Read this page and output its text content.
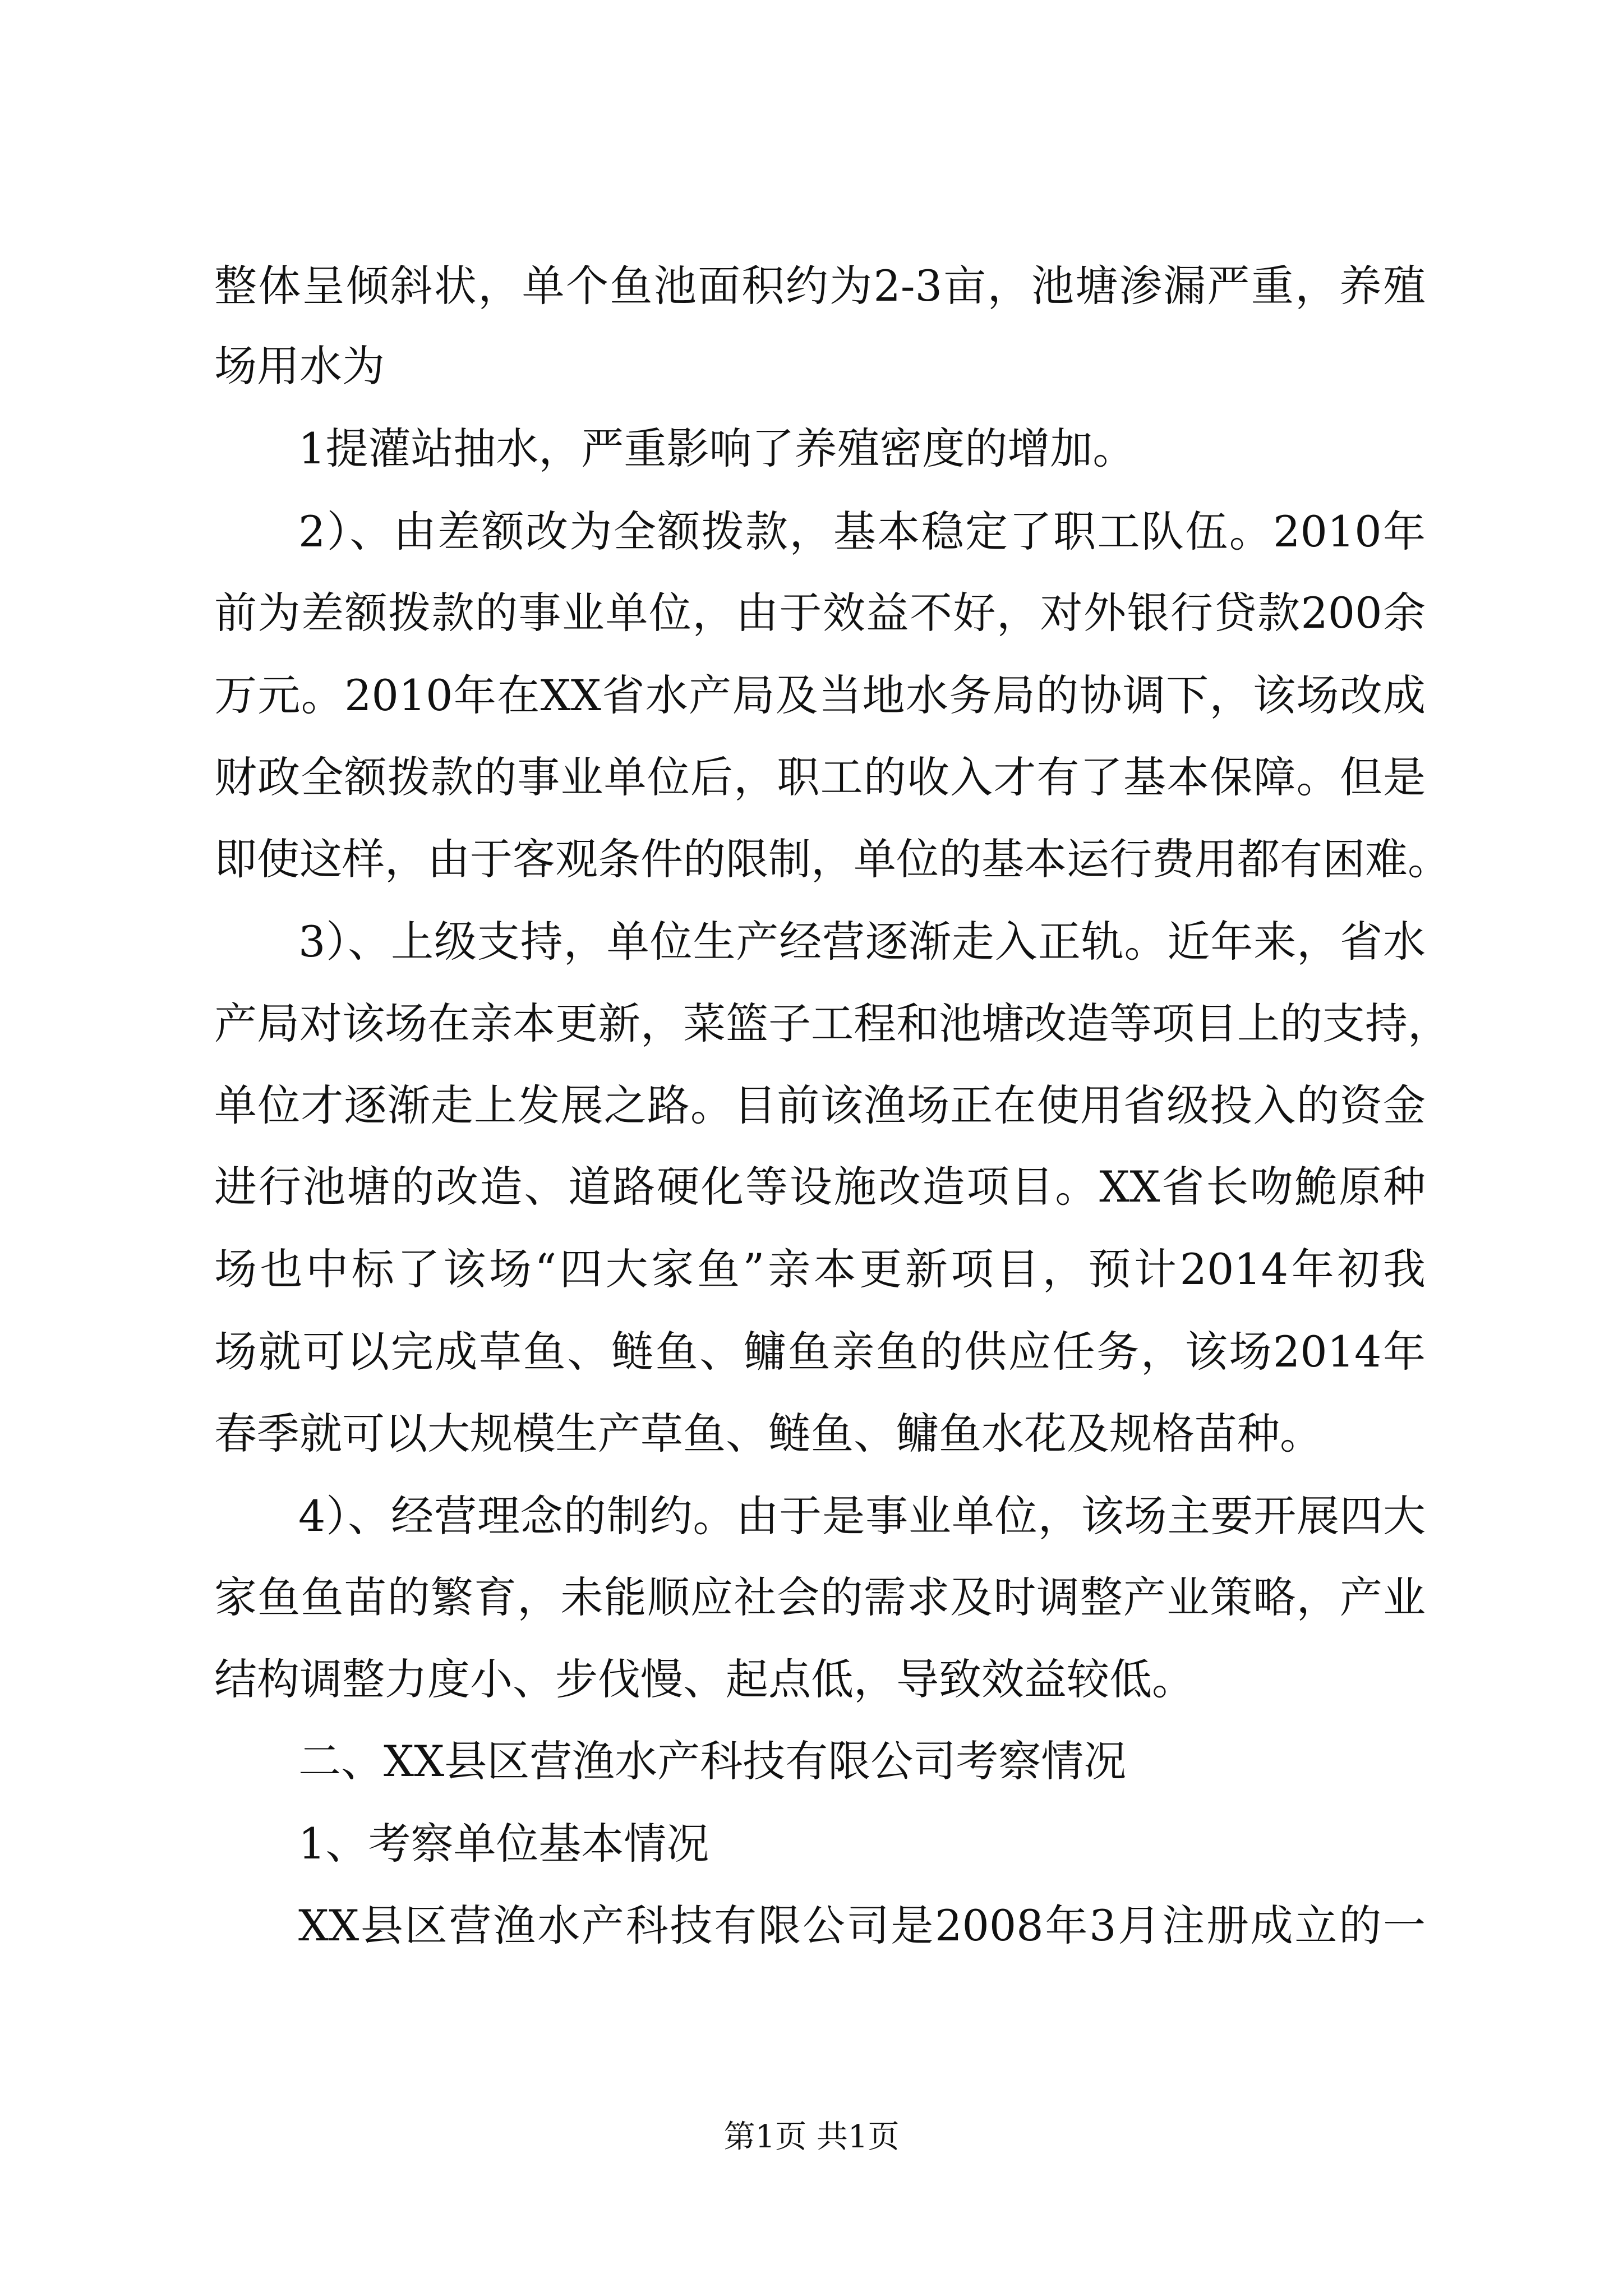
整体呈倾斜状，单个鱼池面积约为2-3亩，池塘渗漏严重，养殖
场用水为
1提灌站抽水，严重影响了养殖密度的增加。
2）、由差额改为全额拨款，基本稳定了职工队伍。2010年
前为差额拨款的事业单位，由于效益不好，对外银行贷款200余
万元。2010年在XX省水产局及当地水务局的协调下，该场改成
财政全额拨款的事业单位后，职工的收入才有了基本保障。但是
即使这样，由于客观条件的限制，单位的基本运行费用都有困难。
3）、上级支持，单位生产经营逐渐走入正轨。近年来，省水
产局对该场在亲本更新，菜篮子工程和池塘改造等项目上的支持，
单位才逐渐走上发展之路。目前该渔场正在使用省级投入的资金
进行池塘的改造、道路硬化等设施改造项目。XX省长吻鮠原种
场也中标了该场“四大家鱼”亲本更新项目，预计2014年初我
场就可以完成草鱼、鲢鱼、鳙鱼亲鱼的供应任务，该场2014年
春季就可以大规模生产草鱼、鲢鱼、鳙鱼水花及规格苗种。
4）、经营理念的制约。由于是事业单位，该场主要开展四大
家鱼鱼苗的繁育，未能顺应社会的需求及时调整产业策略，产业
结构调整力度小、步伐慢、起点低，导致效益较低。
二、XX县区营渔水产科技有限公司考察情况
1、考察单位基本情况
XX县区营渔水产科技有限公司是2008年3月注册成立的一
第1页 共1页
